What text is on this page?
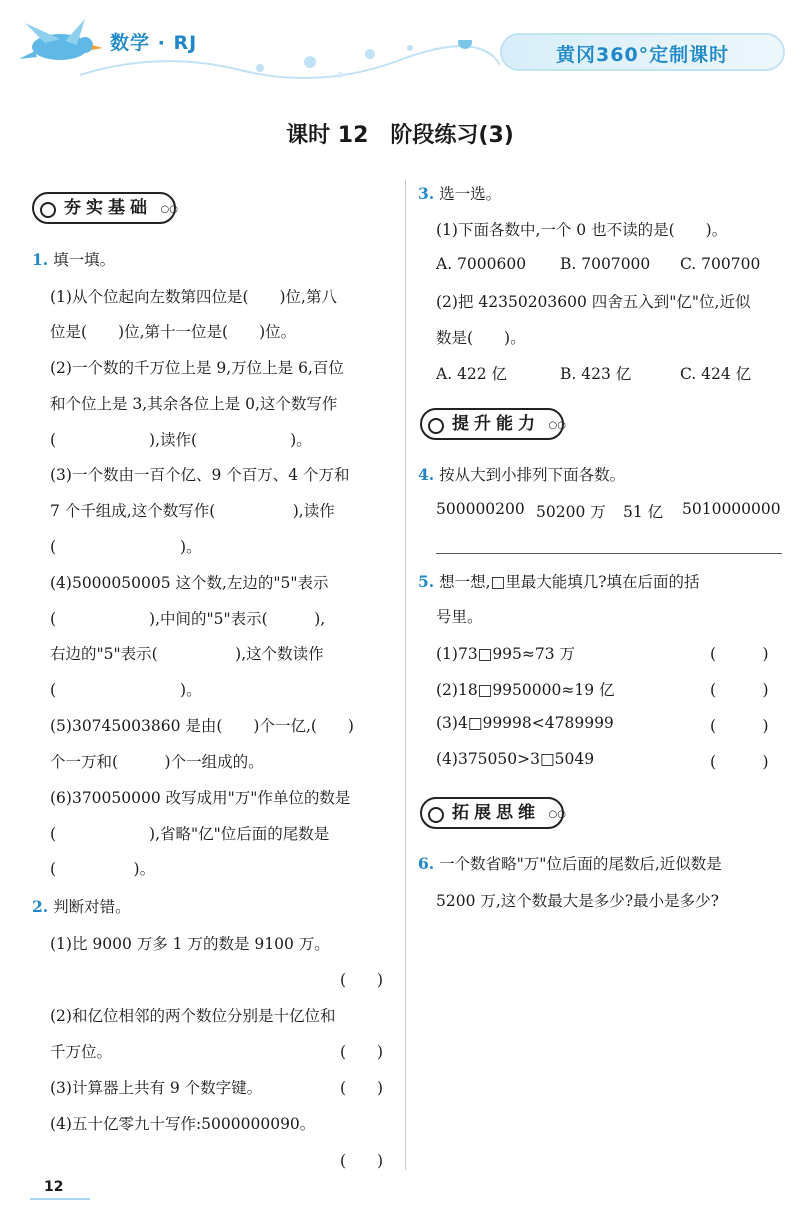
数学 · RJ
黄冈360°定制课时
课时 12 阶段练习(3)
夯实基础 ○○
1. 填一填。
(1)从个位起向左数第四位是(　　)位,第八
位是(　　)位,第十一位是(　　)位。
(2)一个数的千万位上是 9,万位上是 6,百位
和个位上是 3,其余各位上是 0,这个数写作
(　　　　　　),读作(　　　　　　)。
(3)一个数由一百个亿、9 个百万、4 个万和
7 个千组成,这个数写作(　　　　　),读作
(　　　　　　　　)。
(4)5000050005 这个数,左边的"5"表示
(　　　　　　),中间的"5"表示(　　　),
右边的"5"表示(　　　　　),这个数读作
(　　　　　　　　)。
(5)30745003860 是由(　　)个一亿,(　　)
个一万和(　　　)个一组成的。
(6)370050000 改写成用"万"作单位的数是
(　　　　　　),省略"亿"位后面的尾数是
(　　　　　)。
2. 判断对错。
(1)比 9000 万多 1 万的数是 9100 万。
(　　)
(2)和亿位相邻的两个数位分别是十亿位和
千万位。	(　　)
(3)计算器上共有 9 个数字键。	(　　)
(4)五十亿零九十写作:5000000090。
(　　)
3. 选一选。
(1)下面各数中,一个 0 也不读的是(　　)。
A. 7000600 B. 7007000 C. 700700
(2)把 42350203600 四舍五入到"亿"位,近似
数是(　　)。
A. 422 亿	B. 423 亿	C. 424 亿
提升能力 ○○
4. 按从大到小排列下面各数。
500000200 50200 万 51 亿 5010000000
5. 想一想,□里最大能填几?填在后面的括
号里。
(1)73□995≈73 万	(　　　)
(2)18□9950000≈19 亿	(　　　)
(3)4□99998<4789999	(　　　)
(4)375050>3□5049	(　　　)
拓展思维 ○○
6. 一个数省略"万"位后面的尾数后,近似数是
5200 万,这个数最大是多少?最小是多少?
12
